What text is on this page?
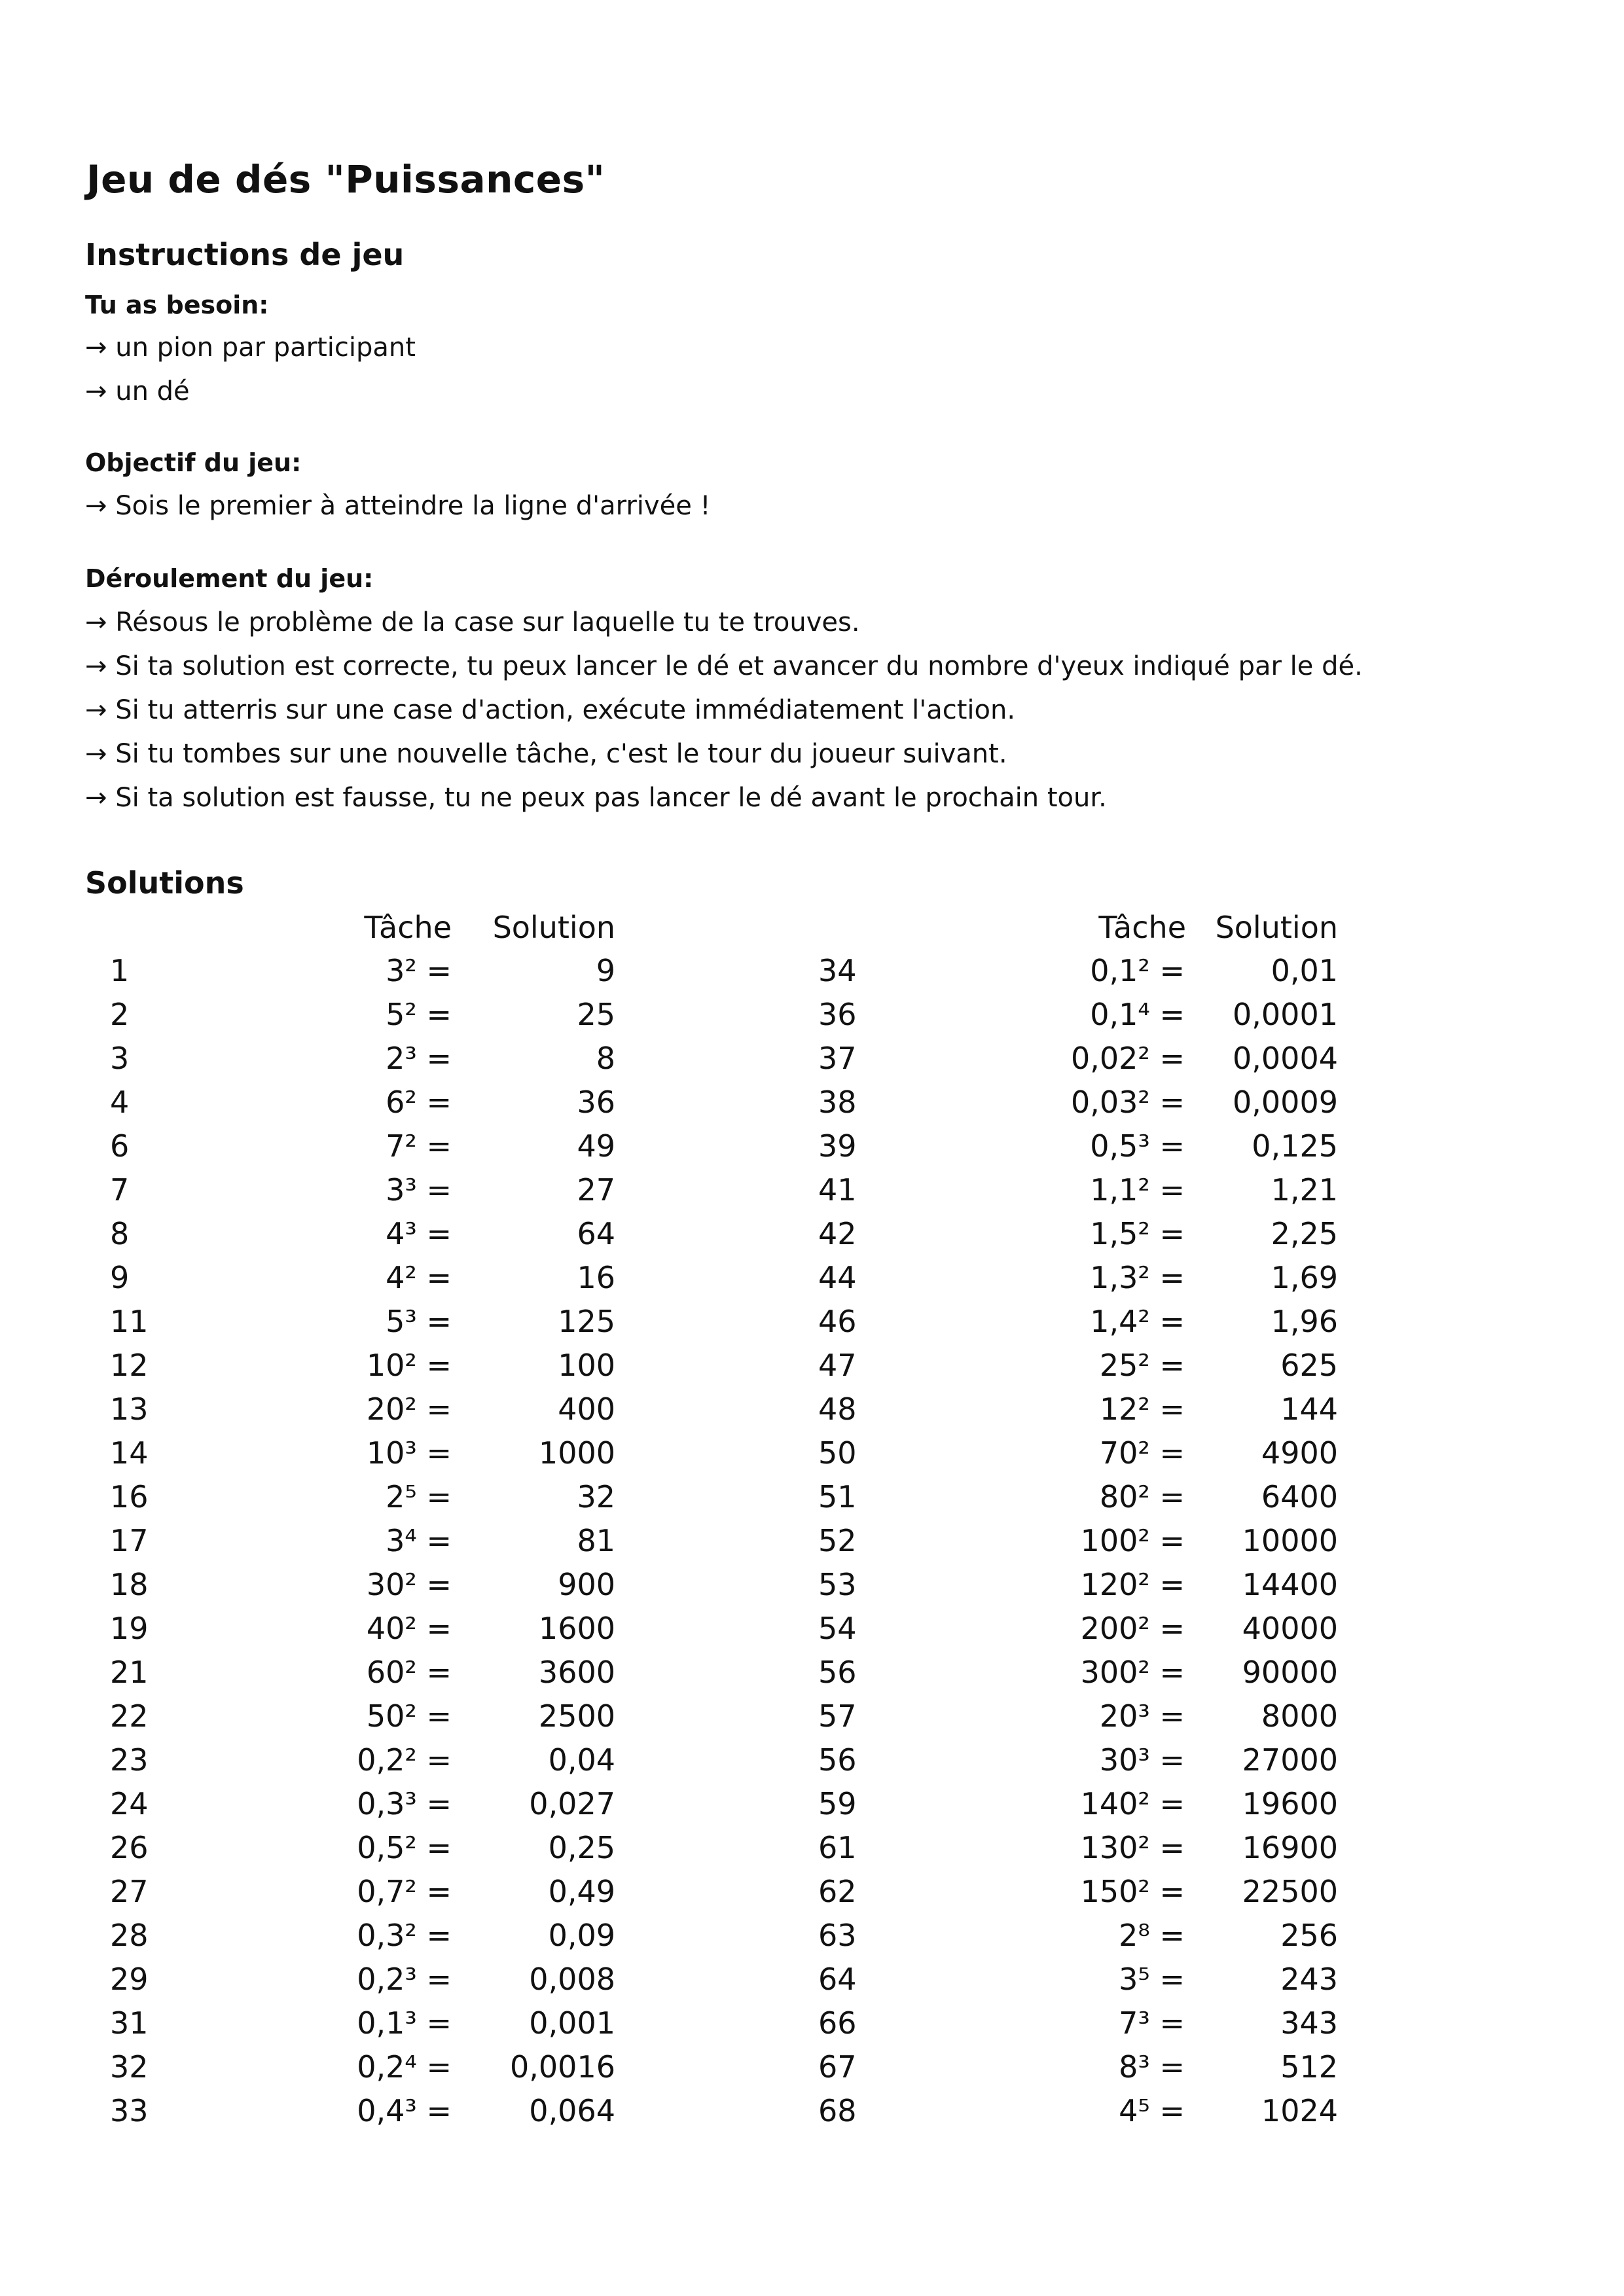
Jeu de dés "Puissances"
Instructions de jeu
Tu as besoin:
→ un pion par participant
→ un dé
Objectif du jeu:
→ Sois le premier à atteindre la ligne d'arrivée !
Déroulement du jeu:
→ Résous le problème de la case sur laquelle tu te trouves.
→ Si ta solution est correcte, tu peux lancer le dé et avancer du nombre d'yeux indiqué par le dé.
→ Si tu atterris sur une case d'action, exécute immédiatement l'action.
→ Si tu tombes sur une nouvelle tâche, c'est le tour du joueur suivant.
→ Si ta solution est fausse, tu ne peux pas lancer le dé avant le prochain tour.
Solutions
Tâche	Solution	Tâche Solution
1	3² =	9
2	5² =	25
3	2³ =	8
4	6² =	36
6	7² =	49
7	3³ =	27
8	4³ =	64
9	4² =	16
11	5³ =	125
12	10² =	100
13	20² =	400
14	10³ =	1000
16	2⁵ =	32
17	3⁴ =	81
18	30² =	900
19	40² =	1600
21	60² =	3600
22	50² =	2500
23	0,2² =	0,04
24	0,3³ =	0,027
26	0,5² =	0,25
27	0,7² =	0,49
28	0,3² =	0,09
29	0,2³ =	0,008
31	0,1³ =	0,001
32	0,2⁴ =	0,0016
33	0,4³ =	0,064
34	0,1² =	0,01
36	0,1⁴ =	0,0001
37	0,02² =	0,0004
38	0,03² =	0,0009
39	0,5³ =	0,125
41	1,1² =	1,21
42	1,5² =	2,25
44	1,3² =	1,69
46	1,4² =	1,96
47	25² =	625
48	12² =	144
50	70² =	4900
51	80² =	6400
52	100² =	10000
53	120² =	14400
54	200² =	40000
56	300² =	90000
57	20³ =	8000
56	30³ =	27000
59	140² =	19600
61	130² =	16900
62	150² =	22500
63	2⁸ =	256
64	3⁵ =	243
66	7³ =	343
67	8³ =	512
68	4⁵ =	1024
